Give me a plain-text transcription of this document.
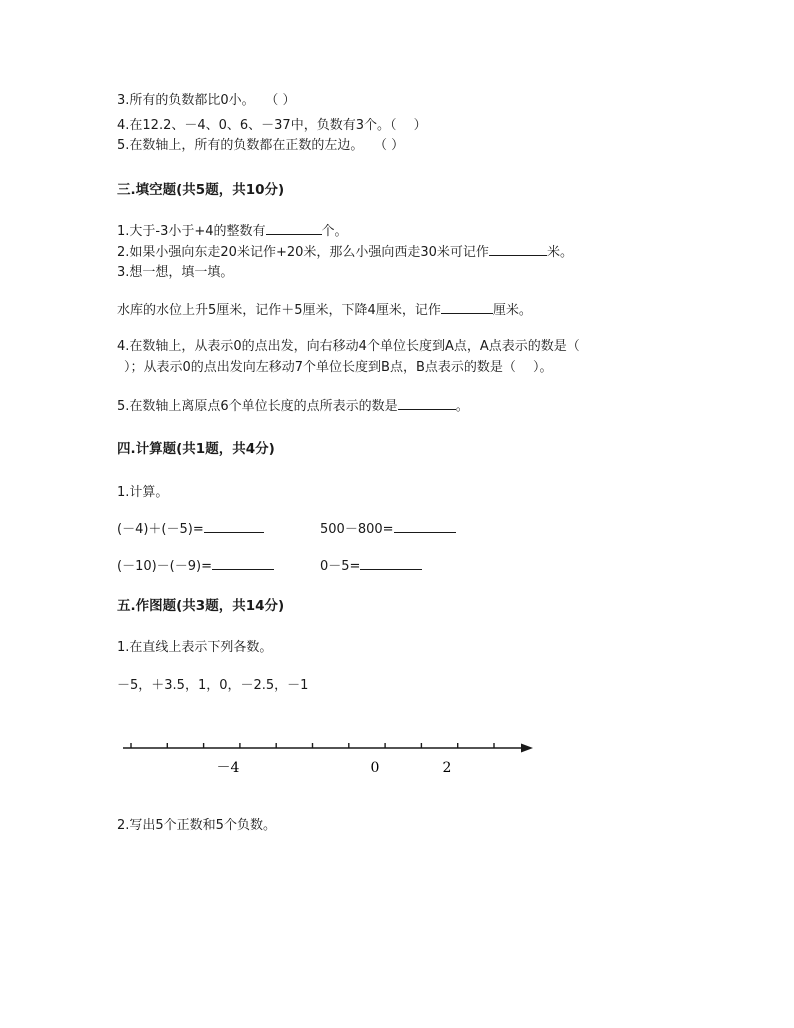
3.所有的负数都比0小。　 （ ）
4.在12.2、－4、0、6、－37中，负数有3个。（　 ）
5.在数轴上，所有的负数都在正数的左边。　 （ ）
三.填空题(共5题，共10分)
1.大于-3小于+4的整数有	个。
2.如果小强向东走20米记作+20米，那么小强向西走30米可记作	米。
3.想一想，填一填。
水库的水位上升5厘米，记作＋5厘米，下降4厘米，记作	厘米。
4.在数轴上，从表示0的点出发，向右移动4个单位长度到A点，A点表示的数是（
）；从表示0的点出发向左移动7个单位长度到B点，B点表示的数是（　 ）。
5.在数轴上离原点6个单位长度的点所表示的数是	。
四.计算题(共1题，共4分)
1.计算。
(－4)＋(－5)=	500－800=
(－10)－(－9)=	0－5=
五.作图题(共3题，共14分)
1.在直线上表示下列各数。
－5，＋3.5，1，0，－2.5，－1
－4	0	2
2.写出5个正数和5个负数。
